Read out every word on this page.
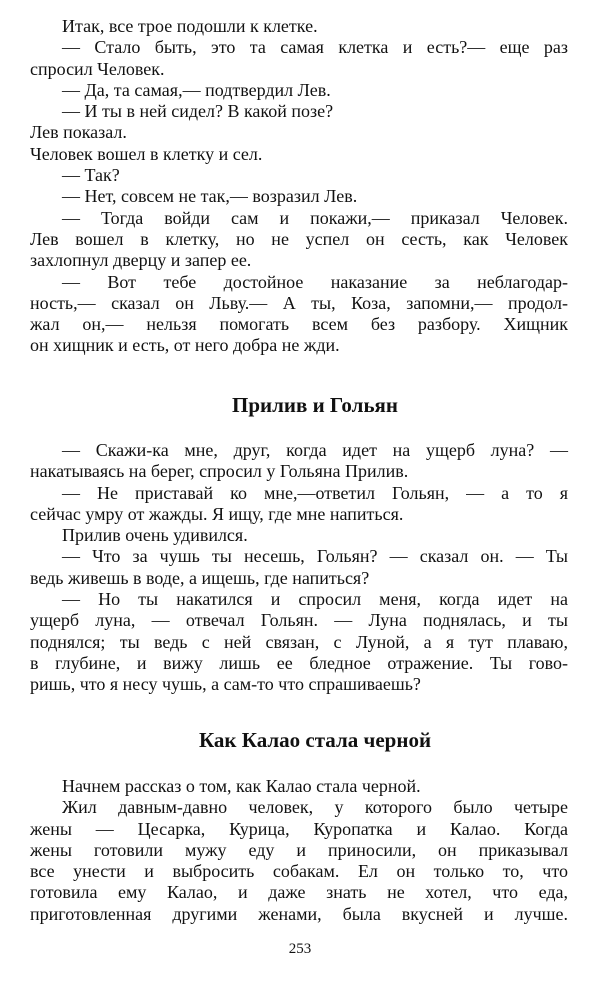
Итак, все трое подошли к клетке.
— Стало быть, это та самая клетка и есть?— еще раз
спросил Человек.
— Да, та самая,— подтвердил Лев.
— И ты в ней сидел? В какой позе?
Лев показал.
Человек вошел в клетку и сел.
— Так?
— Нет, совсем не так,— возразил Лев.
— Тогда войди сам и покажи,— приказал Человек.
Лев вошел в клетку, но не успел он сесть, как Человек
захлопнул дверцу и запер ее.
— Вот тебе достойное наказание за неблагодар-
ность,— сказал он Льву.— А ты, Коза, запомни,— продол-
жал он,— нельзя помогать всем без разбору. Хищник
он хищник и есть, от него добра не жди.
Прилив и Гольян
— Скажи-ка мне, друг, когда идет на ущерб луна? —
накатываясь на берег, спросил у Гольяна Прилив.
— Не приставай ко мне,—ответил Гольян, — а то я
сейчас умру от жажды. Я ищу, где мне напиться.
Прилив очень удивился.
— Что за чушь ты несешь, Гольян? — сказал он. — Ты
ведь живешь в воде, а ищешь, где напиться?
— Но ты накатился и спросил меня, когда идет на
ущерб луна, — отвечал Гольян. — Луна поднялась, и ты
поднялся; ты ведь с ней связан, с Луной, а я тут плаваю,
в глубине, и вижу лишь ее бледное отражение. Ты гово-
ришь, что я несу чушь, а сам-то что спрашиваешь?
Как Калао стала черной
Начнем рассказ о том, как Калао стала черной.
Жил давным-давно человек, у которого было четыре
жены — Цесарка, Курица, Куропатка и Калао. Когда
жены готовили мужу еду и приносили, он приказывал
все унести и выбросить собакам. Ел он только то, что
готовила ему Калао, и даже знать не хотел, что еда,
приготовленная другими женами, была вкусней и лучше.
253
